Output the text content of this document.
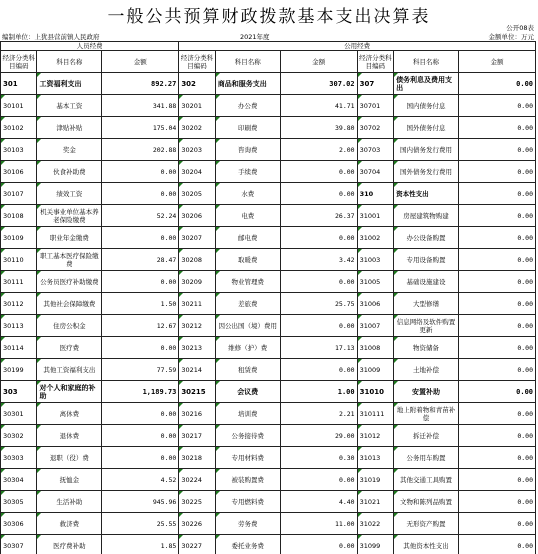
一般公共预算财政拨款基本支出决算表
公开08表
编制单位：上犹县营前镇人民政府	2021年度	金额单位：万元
人员经费			公用经费					
经济分类科目编码	科目名称	金额	经济分类科目编码	科目名称	金额	经济分类科目编码	科目名称	金额
301	工资福利支出	892.27	302	商品和服务支出	307.02	307	债务利息及费用支出	0.00
30101	基本工资	341.88	30201	办公费	41.71	30701	国内债务付息	0.00
30102	津贴补贴	175.04	30202	印刷费	39.80	30702	国外债务付息	0.00
30103	奖金	202.88	30203	咨询费	2.00	30703	国内债务发行费用	0.00
30106	伙食补助费	0.00	30204	手续费	0.00	30704	国外债务发行费用	0.00
30107	绩效工资	0.00	30205	水费	0.00	310	资本性支出	0.00
30108	机关事业单位基本养老保险缴费	52.24	30206	电费	26.37	31001	房屋建筑物购建	0.00
30109	职业年金缴费	0.00	30207	邮电费	0.00	31002	办公设备购置	0.00
30110	职工基本医疗保险缴费	28.47	30208	取暖费	3.42	31003	专用设备购置	0.00
30111	公务员医疗补助缴费	0.00	30209	物业管理费	0.00	31005	基础设施建设	0.00
30112	其他社会保障缴费	1.50	30211	差旅费	25.75	31006	大型修缮	0.00
30113	住房公积金	12.67	30212	因公出国（境）费用	0.00	31007	信息网络及软件购置更新	0.00
30114	医疗费	0.00	30213	维修（护）费	17.13	31008	物资储备	0.00
30199	其他工资福利支出	77.59	30214	租赁费	0.00	31009	土地补偿	0.00
303	对个人和家庭的补助	1,189.73	30215	会议费	1.00	31010	安置补助	0.00
30301	离休费	0.00	30216	培训费	2.21	310111	地上附着物和青苗补偿	0.00
30302	退休费	0.00	30217	公务接待费	29.00	31012	拆迁补偿	0.00
30303	退职（役）费	0.00	30218	专用材料费	0.30	31013	公务用车购置	0.00
30304	抚恤金	4.52	30224	被装购置费	0.00	31019	其他交通工具购置	0.00
30305	生活补助	945.96	30225	专用燃料费	4.40	31021	文物和陈列品购置	0.00
30306	救济费	25.55	30226	劳务费	11.00	31022	无形资产购置	0.00
30307	医疗费补助	1.85	30227	委托业务费	0.00	31099	其他资本性支出	0.00
